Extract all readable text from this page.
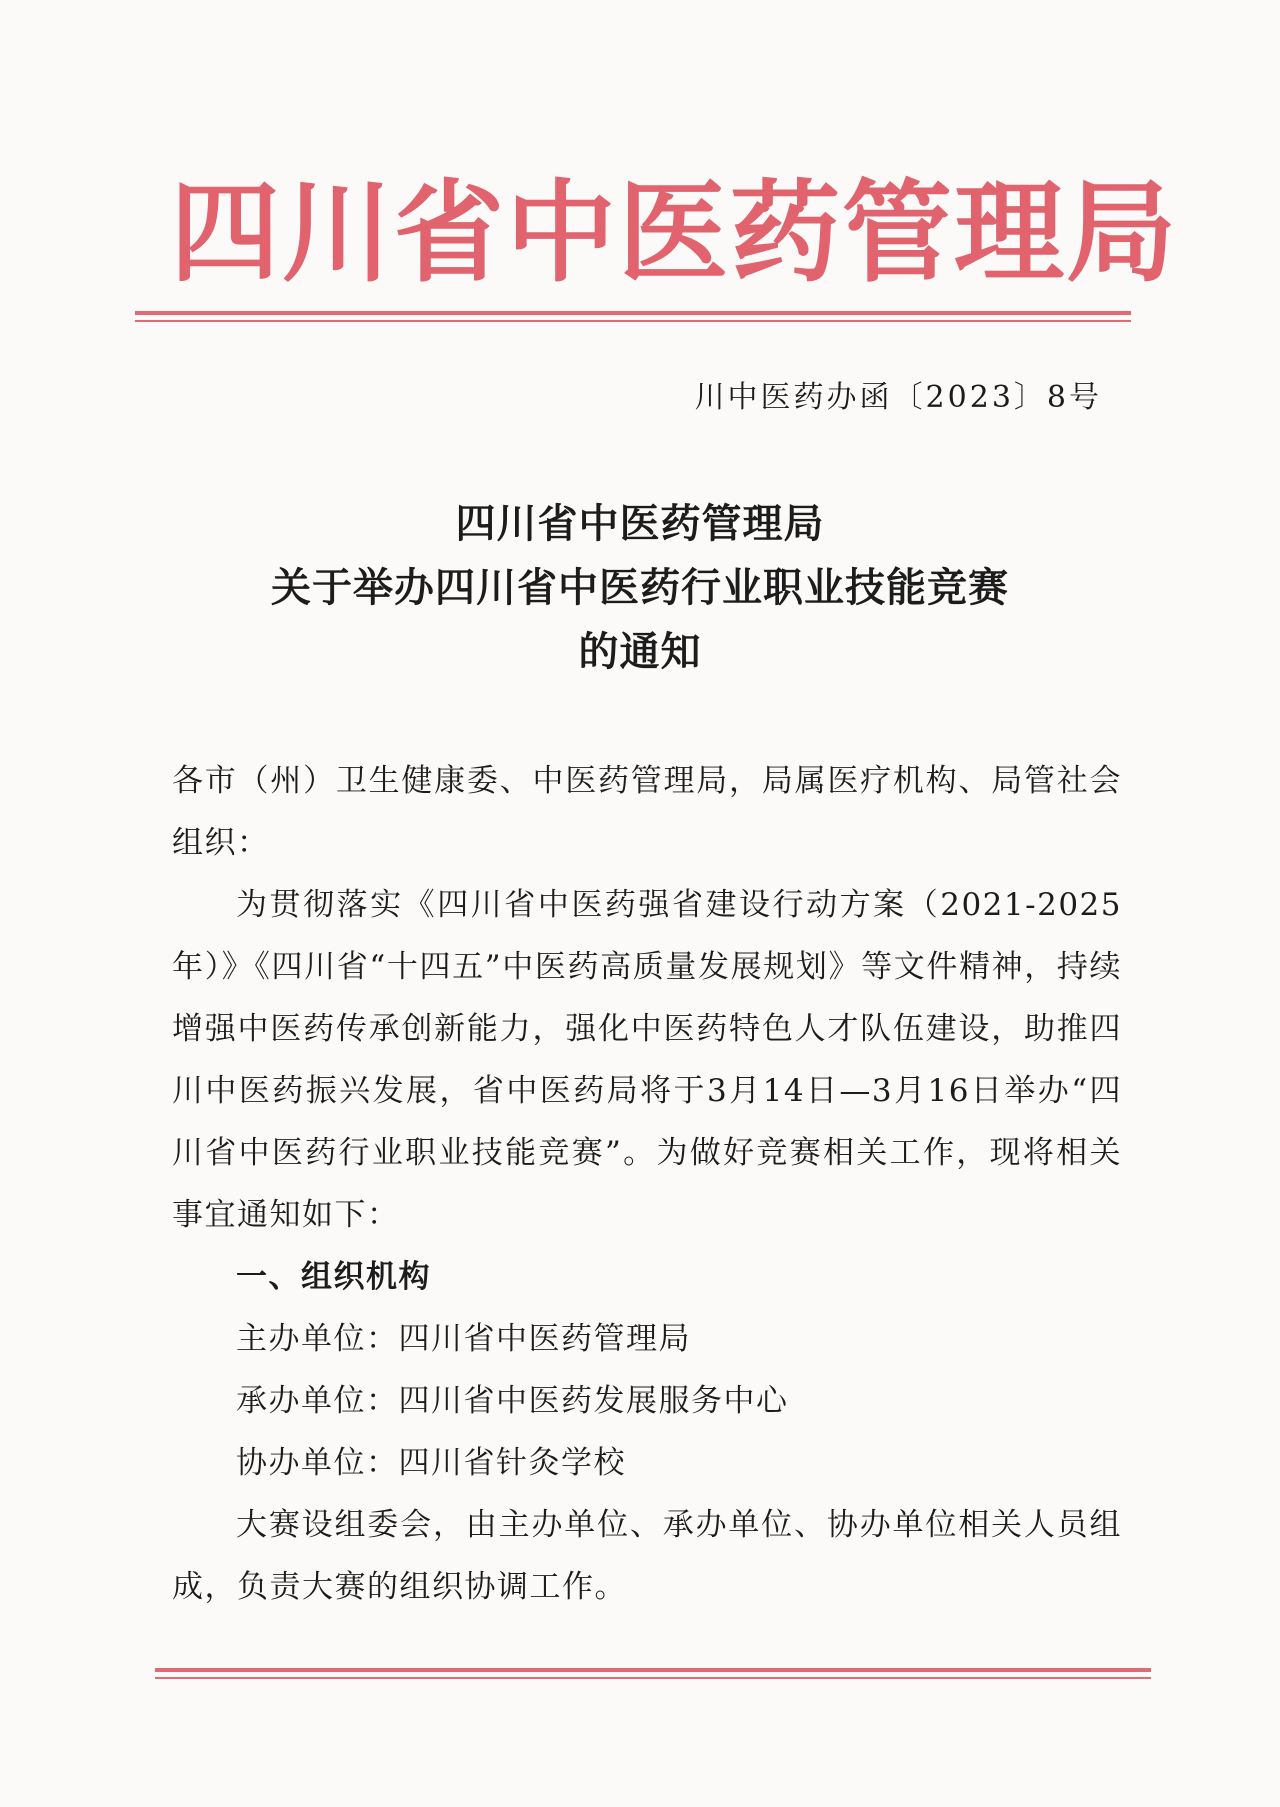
四川省中医药管理局
川中医药办函〔2023〕8号
四川省中医药管理局
关于举办四川省中医药行业职业技能竞赛
的通知

各市（州）卫生健康委、中医药管理局，局属医疗机构、局管社会组织：

为贯彻落实《四川省中医药强省建设行动方案（2021-2025年）》《四川省“十四五”中医药高质量发展规划》等文件精神，持续增强中医药传承创新能力，强化中医药特色人才队伍建设，助推四川中医药振兴发展，省中医药局将于3月14日—3月16日举办“四川省中医药行业职业技能竞赛”。为做好竞赛相关工作，现将相关事宜通知如下：

一、组织机构

主办单位：四川省中医药管理局

承办单位：四川省中医药发展服务中心

协办单位：四川省针灸学校

大赛设组委会，由主办单位、承办单位、协办单位相关人员组成，负责大赛的组织协调工作。
